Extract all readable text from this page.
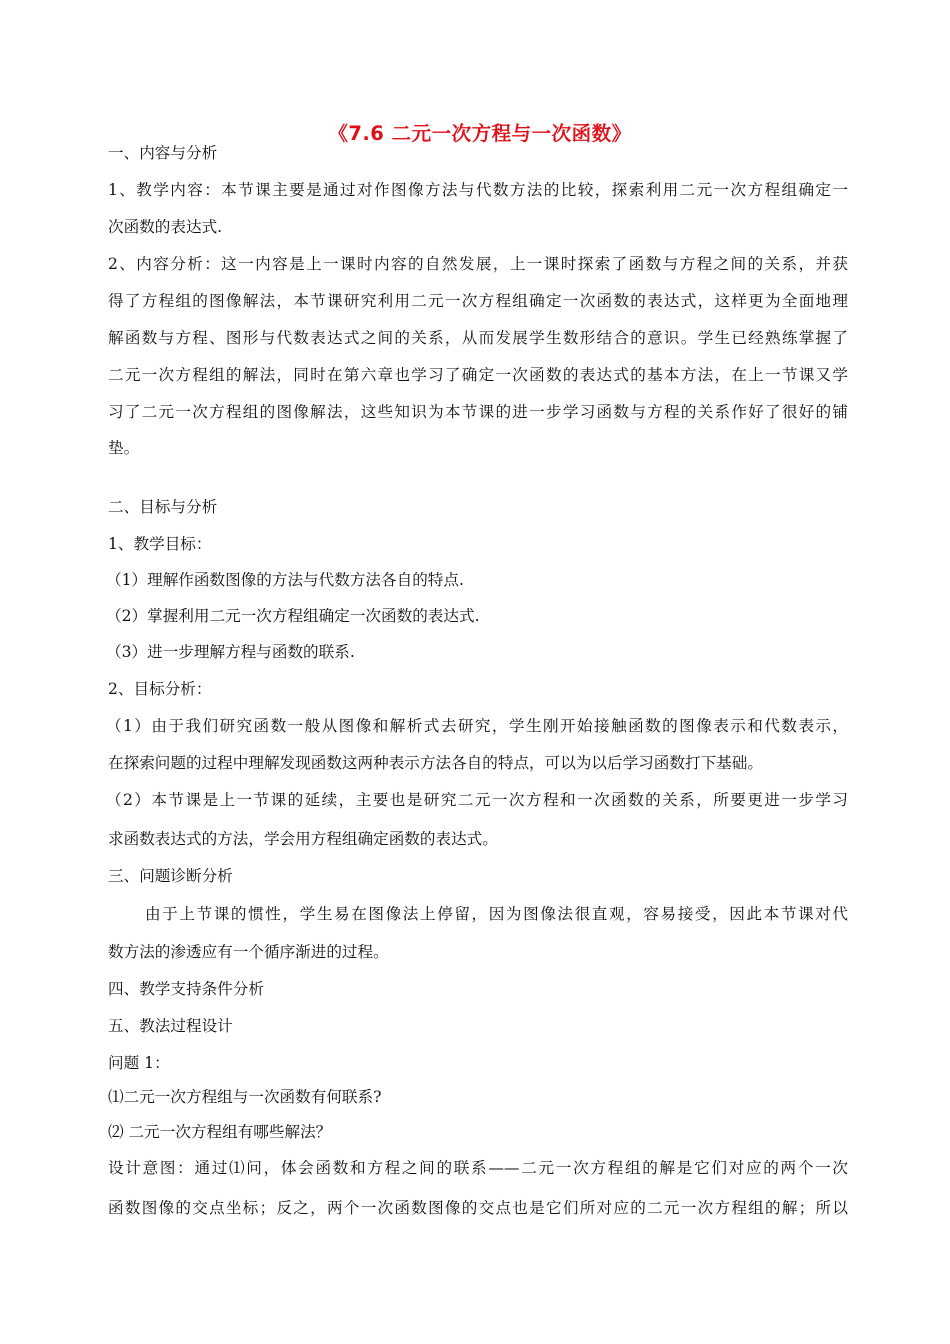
《7.6 二元一次方程与一次函数》
一、内容与分析
1、教学内容：本节课主要是通过对作图像方法与代数方法的比较，探索利用二元一次方程组确定一
次函数的表达式.
2、内容分析：这一内容是上一课时内容的自然发展，上一课时探索了函数与方程之间的关系，并获
得了方程组的图像解法，本节课研究利用二元一次方程组确定一次函数的表达式，这样更为全面地理
解函数与方程、图形与代数表达式之间的关系，从而发展学生数形结合的意识。学生已经熟练掌握了
二元一次方程组的解法，同时在第六章也学习了确定一次函数的表达式的基本方法，在上一节课又学
习了二元一次方程组的图像解法，这些知识为本节课的进一步学习函数与方程的关系作好了很好的铺
垫。
二、目标与分析
1、教学目标：
（1）理解作函数图像的方法与代数方法各自的特点.
（2）掌握利用二元一次方程组确定一次函数的表达式.
（3）进一步理解方程与函数的联系.
2、目标分析：
（1）由于我们研究函数一般从图像和解析式去研究，学生刚开始接触函数的图像表示和代数表示，
在探索问题的过程中理解发现函数这两种表示方法各自的特点，可以为以后学习函数打下基础。
（2）本节课是上一节课的延续，主要也是研究二元一次方程和一次函数的关系，所要更进一步学习
求函数表达式的方法，学会用方程组确定函数的表达式。
三、问题诊断分析
由于上节课的惯性，学生易在图像法上停留，因为图像法很直观，容易接受，因此本节课对代
数方法的渗透应有一个循序渐进的过程。
四、教学支持条件分析
五、教法过程设计
问题 1：
⑴二元一次方程组与一次函数有何联系?
⑵ 二元一次方程组有哪些解法？
设计意图：通过⑴问，体会函数和方程之间的联系——二元一次方程组的解是它们对应的两个一次
函数图像的交点坐标；反之，两个一次函数图像的交点也是它们所对应的二元一次方程组的解；所以
